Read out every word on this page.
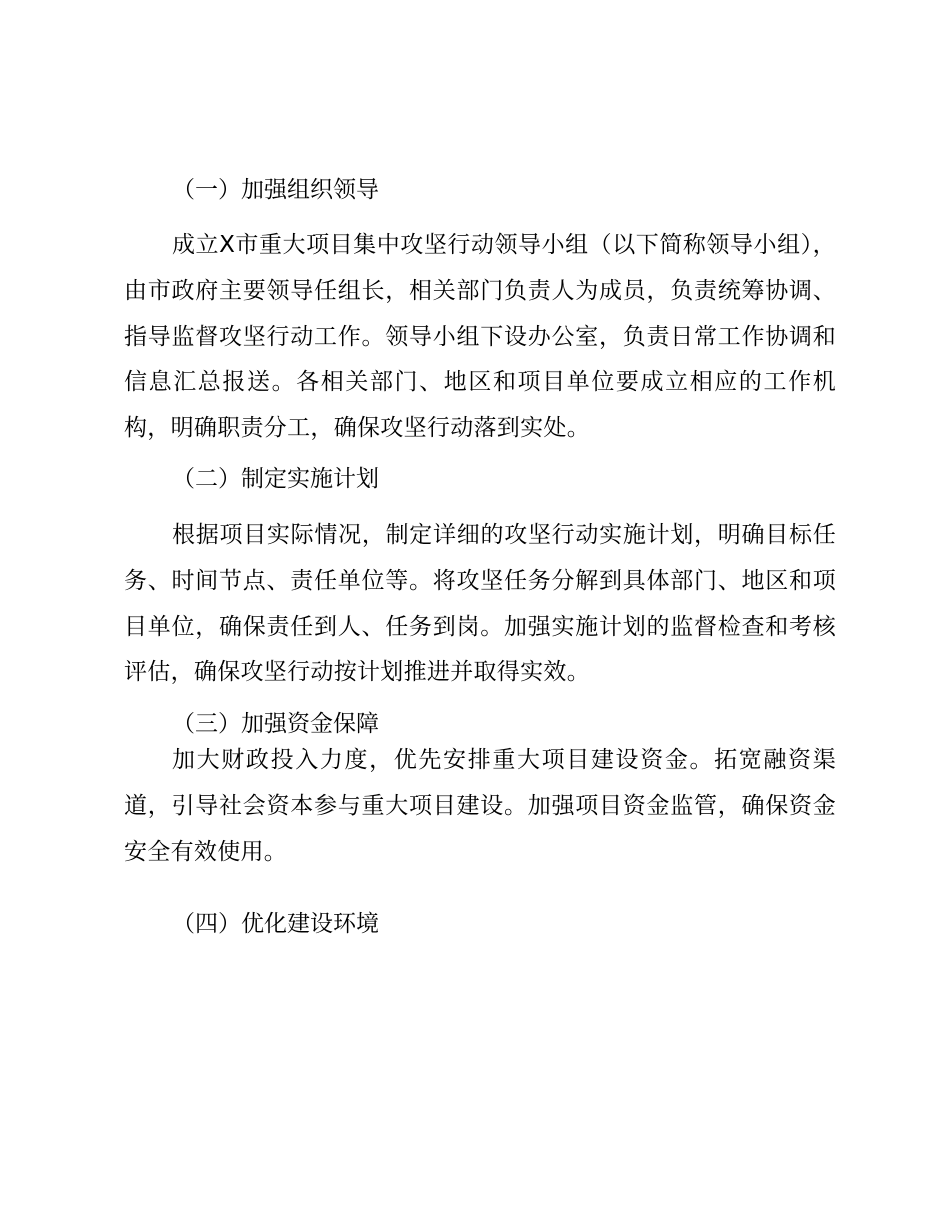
（一）加强组织领导
成立X市重大项目集中攻坚行动领导小组（以下简称领导小组），由市政府主要领导任组长，相关部门负责人为成员，负责统筹协调、指导监督攻坚行动工作。领导小组下设办公室，负责日常工作协调和信息汇总报送。各相关部门、地区和项目单位要成立相应的工作机构，明确职责分工，确保攻坚行动落到实处。
（二）制定实施计划
根据项目实际情况，制定详细的攻坚行动实施计划，明确目标任务、时间节点、责任单位等。将攻坚任务分解到具体部门、地区和项目单位，确保责任到人、任务到岗。加强实施计划的监督检查和考核评估，确保攻坚行动按计划推进并取得实效。
（三）加强资金保障
加大财政投入力度，优先安排重大项目建设资金。拓宽融资渠道，引导社会资本参与重大项目建设。加强项目资金监管，确保资金安全有效使用。
（四）优化建设环境
